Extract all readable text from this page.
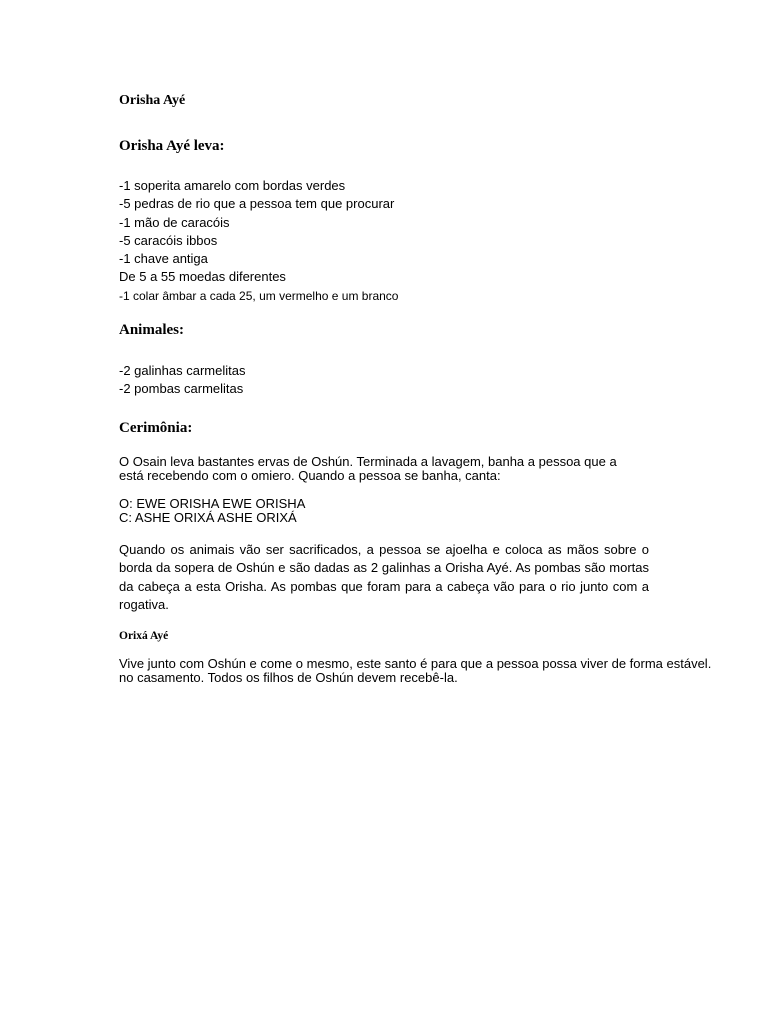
Orisha Ayé
Orisha Ayé leva:
-1 soperita amarelo com bordas verdes
-5 pedras de rio que a pessoa tem que procurar
-1 mão de caracóis
-5 caracóis ibbos
-1 chave antiga
De 5 a 55 moedas diferentes
-1 colar âmbar a cada 25, um vermelho e um branco
Animales:
-2 galinhas carmelitas
-2 pombas carmelitas
Cerimônia:

O Osain leva bastantes ervas de Oshún. Terminada a lavagem, banha a pessoa que a

está recebendo com o omiero. Quando a pessoa se banha, canta:

O: EWE ORISHA EWE ORISHA

C: ASHE ORIXÁ ASHE ORIXÁ

Quando os animais vão ser sacrificados, a pessoa se ajoelha e coloca as mãos sobre o borda da sopera de Oshún e são dadas as 2 galinhas a Orisha Ayé. As pombas são mortas da cabeça a esta Orisha. As pombas que foram para a cabeça vão para o rio junto com a rogativa.

Orixá Ayé

Vive junto com Oshún e come o mesmo, este santo é para que a pessoa possa viver de forma estável.

no casamento. Todos os filhos de Oshún devem recebê-la.
